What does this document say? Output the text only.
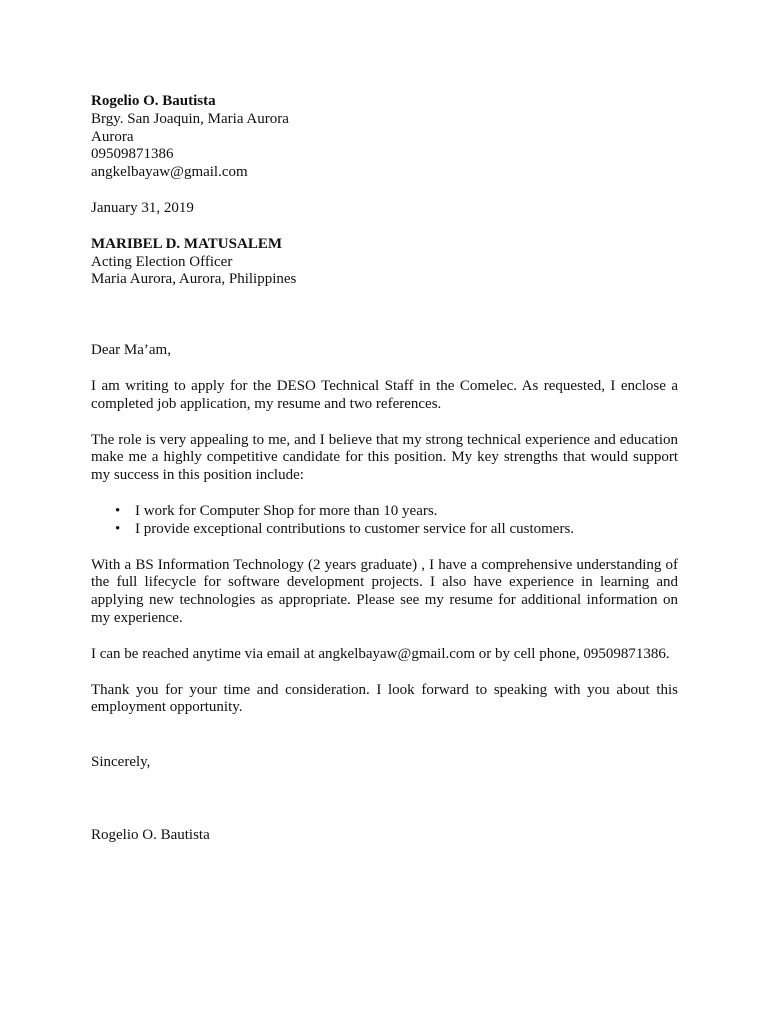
Rogelio O. Bautista
Brgy. San Joaquin, Maria Aurora
Aurora
09509871386
angkelbayaw@gmail.com
January 31, 2019
MARIBEL D. MATUSALEM
Acting Election Officer
Maria Aurora, Aurora, Philippines
Dear Ma’am,
I am writing to apply for the DESO Technical Staff in the Comelec. As requested, I enclose a completed job application, my resume and two references.
The role is very appealing to me, and I believe that my strong technical experience and education make me a highly competitive candidate for this position. My key strengths that would support my success in this position include:
• I work for Computer Shop for more than 10 years.
• I provide exceptional contributions to customer service for all customers.
With a BS Information Technology (2 years graduate) , I have a comprehensive understanding of the full lifecycle for software development projects. I also have experience in learning and applying new technologies as appropriate. Please see my resume for additional information on my experience.
I can be reached anytime via email at angkelbayaw@gmail.com or by cell phone, 09509871386.
Thank you for your time and consideration. I look forward to speaking with you about this employment opportunity.
Sincerely,
Rogelio O. Bautista
